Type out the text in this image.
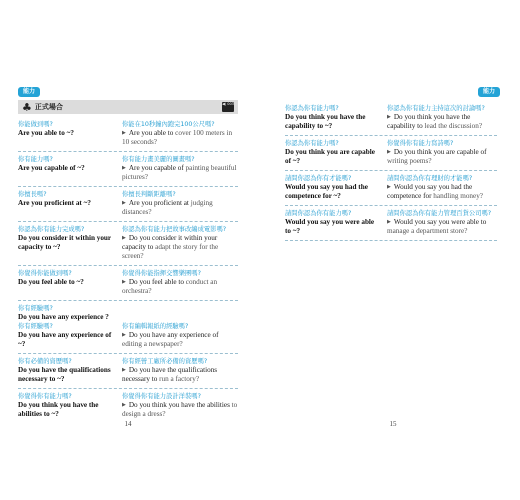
能力
♣ 正式場合	◀) 003
你能做到嗎?
Are you able to ~?
你能在10秒鐘內跑完100公尺嗎?
▶ Are you able to cover 100 meters in 10 seconds?
你有能力嗎?
Are you capable of ~?
你有能力畫美麗的圖畫嗎?
▶ Are you capable of painting beautiful pictures?
你擅長嗎?
Are you proficient at ~?
你擅長判斷距離嗎?
▶ Are you proficient at judging distances?
你認為你有能力完成嗎?
Do you consider it within your capacity to ~?
你認為你有能力把故事改編成電影嗎?
▶ Do you consider it within your capacity to adapt the story for the screen?
你覺得你能做到嗎?
Do you feel able to ~?
你覺得你能指揮交響樂團嗎?
▶ Do you feel able to conduct an orchestra?
你有經驗嗎?
Do you have any experience ?
你有經驗嗎?
Do you have any experience of ~?
你有編輯報紙的經驗嗎?
▶ Do you have any experience of editing a newspaper?
你有必備的資歷嗎?
Do you have the qualifications necessary to ~?
你有經營工廠所必備的資歷嗎?
▶ Do you have the qualifications necessary to run a factory?
你覺得你有能力嗎?
Do you think you have the abilities to ~?
你覺得你有能力設計洋裝嗎?
▶ Do you think you have the abilities to design a dress?
14
能力
你認為你有能力嗎?
Do you think you have the capability to ~?
你認為你有能力主持這次的討論嗎?
▶ Do you think you have the capability to lead the discussion?
你認為你有能力嗎?
Do you think you are capable of ~?
你覺得你有能力寫詩嗎?
▶ Do you think you are capable of writing poems?
請問你認為你有才能嗎?
Would you say you had the competence for ~?
請問你認為你有理財的才能嗎?
▶ Would you say you had the competence for handling money?
請問你認為你有能力嗎?
Would you say you were able to ~?
請問你認為你有能力管理百貨公司嗎?
▶ Would you say you were able to manage a department store?
15
